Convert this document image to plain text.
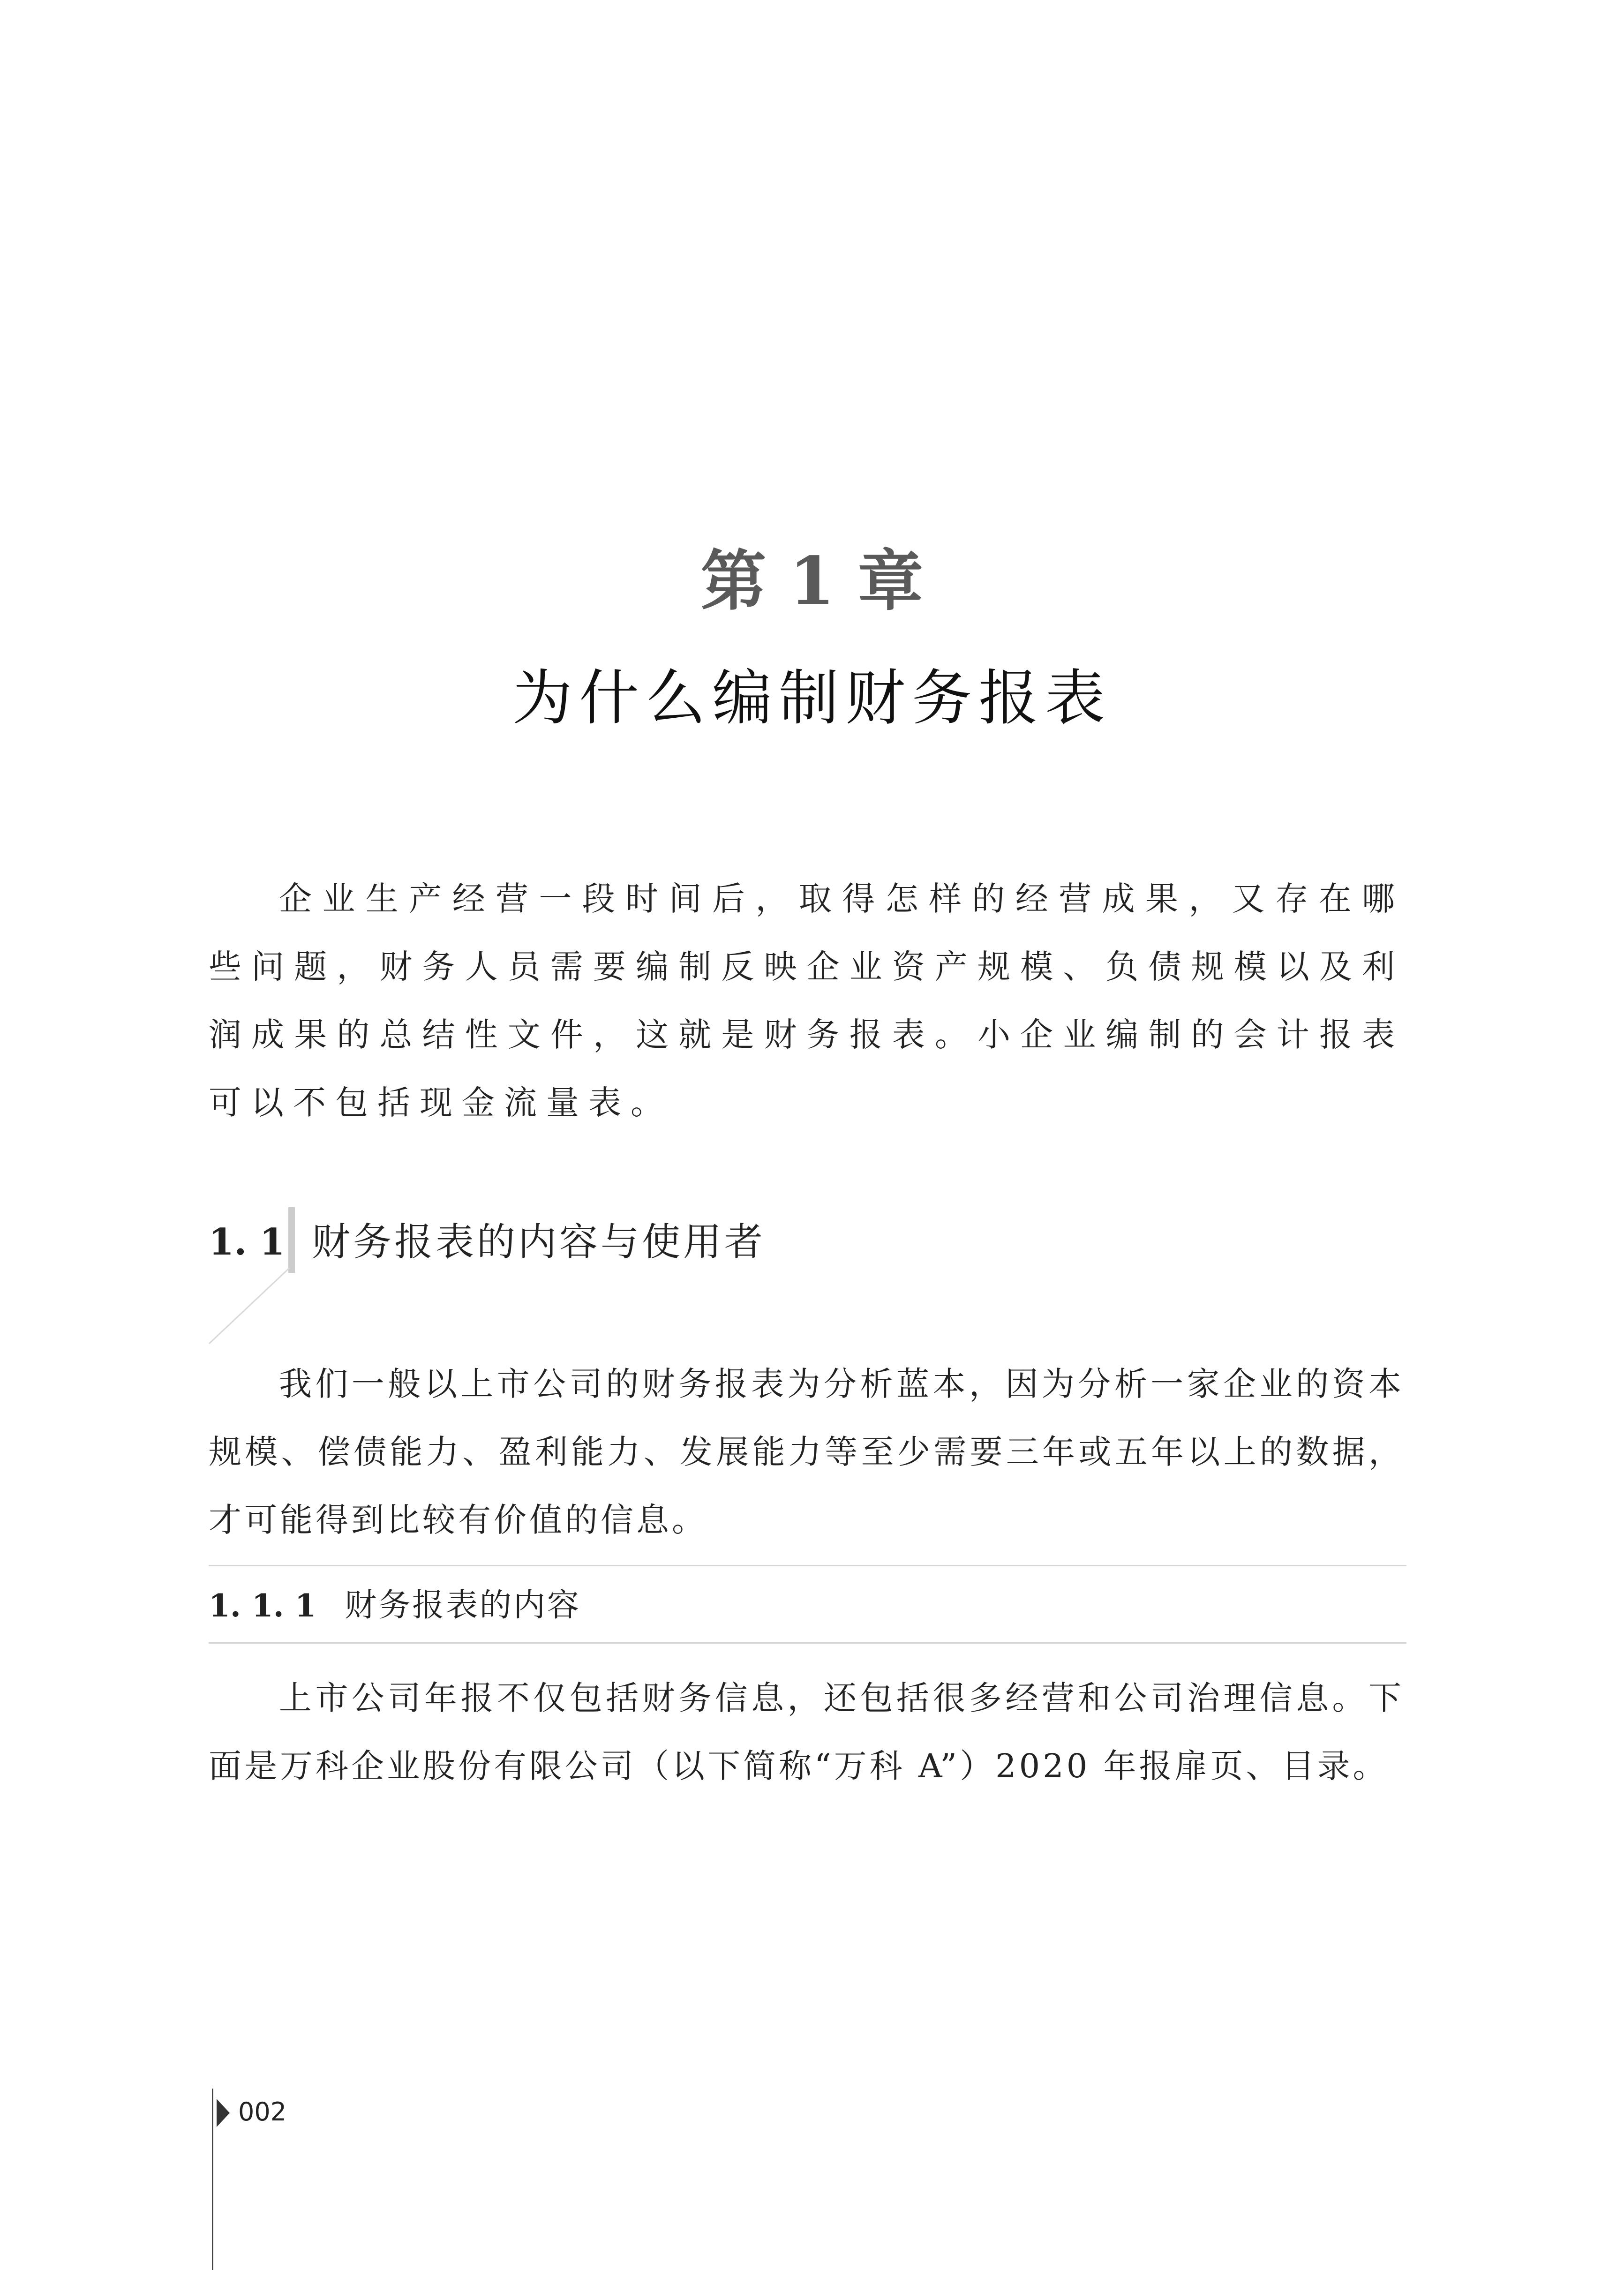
第 1 章
为什么编制财务报表

企业生产经营一段时间后，取得怎样的经营成果，又存在哪些问题，财务人员需要编制反映企业资产规模、负债规模以及利润成果的总结性文件，这就是财务报表。小企业编制的会计报表可以不包括现金流量表。

1. 1 财务报表的内容与使用者

我们一般以上市公司的财务报表为分析蓝本，因为分析一家企业的资本规模、偿债能力、盈利能力、发展能力等至少需要三年或五年以上的数据，才可能得到比较有价值的信息。

1. 1. 1 财务报表的内容

上市公司年报不仅包括财务信息，还包括很多经营和公司治理信息。下面是万科企业股份有限公司（以下简称“万科 A”）2020 年报扉页、目录。

002
